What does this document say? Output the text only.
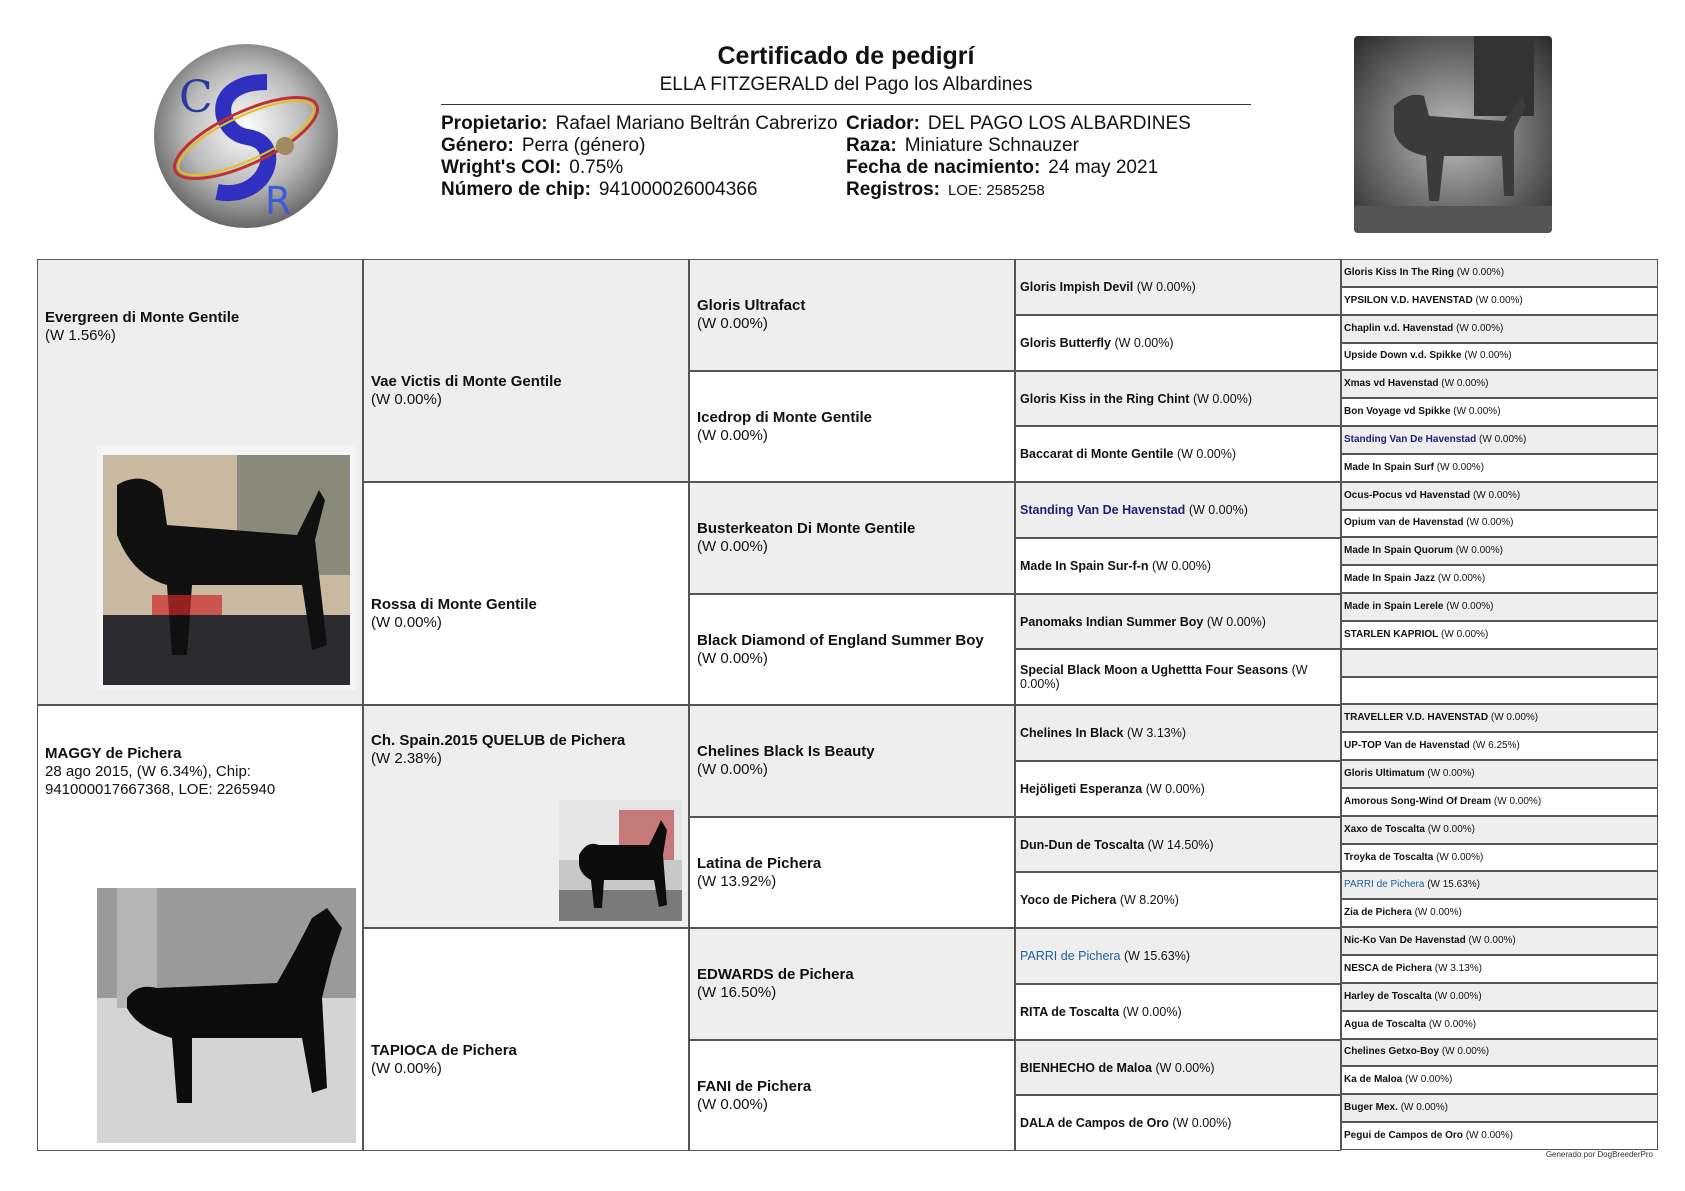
C
R
Certificado de pedigrí
ELLA FITZGERALD del Pago los Albardines
Propietario: Rafael Mariano Beltrán Cabrerizo
Género: Perra (género)
Wright's COI: 0.75%
Número de chip: 941000026004366
Criador: DEL PAGO LOS ALBARDINES
Raza: Miniature Schnauzer
Fecha de nacimiento: 24 may 2021
Registros: LOE: 2585258
Evergreen di Monte Gentile
(W 1.56%)
MAGGY de Pichera
28 ago 2015, (W 6.34%), Chip: 941000017667368, LOE: 2265940
Vae Victis di Monte Gentile
(W 0.00%)
Rossa di Monte Gentile
(W 0.00%)
Ch. Spain.2015 QUELUB de Pichera
(W 2.38%)
TAPIOCA de Pichera
(W 0.00%)
Gloris Ultrafact
(W 0.00%)
Icedrop di Monte Gentile
(W 0.00%)
Busterkeaton Di Monte Gentile
(W 0.00%)
Black Diamond of England Summer Boy
(W 0.00%)
Chelines Black Is Beauty
(W 0.00%)
Latina de Pichera
(W 13.92%)
EDWARDS de Pichera
(W 16.50%)
FANI de Pichera
(W 0.00%)
Gloris Impish Devil (W 0.00%)
Gloris Butterfly (W 0.00%)
Gloris Kiss in the Ring Chint (W 0.00%)
Baccarat di Monte Gentile (W 0.00%)
Standing Van De Havenstad (W 0.00%)
Made In Spain Sur-f-n (W 0.00%)
Panomaks Indian Summer Boy (W 0.00%)
Special Black Moon a Ughettta Four Seasons (W 0.00%)
Chelines In Black (W 3.13%)
Hejöligeti Esperanza (W 0.00%)
Dun-Dun de Toscalta (W 14.50%)
Yoco de Pichera (W 8.20%)
PARRI de Pichera (W 15.63%)
RITA de Toscalta (W 0.00%)
BIENHECHO de Maloa (W 0.00%)
DALA de Campos de Oro (W 0.00%)
Gloris Kiss In The Ring (W 0.00%)
YPSILON V.D. HAVENSTAD (W 0.00%)
Chaplin v.d. Havenstad (W 0.00%)
Upside Down v.d. Spikke (W 0.00%)
Xmas vd Havenstad (W 0.00%)
Bon Voyage vd Spikke (W 0.00%)
Standing Van De Havenstad (W 0.00%)
Made In Spain Surf (W 0.00%)
Ocus-Pocus vd Havenstad (W 0.00%)
Opium van de Havenstad (W 0.00%)
Made In Spain Quorum (W 0.00%)
Made In Spain Jazz (W 0.00%)
Made in Spain Lerele (W 0.00%)
STARLEN KAPRIOL (W 0.00%)
TRAVELLER V.D. HAVENSTAD (W 0.00%)
UP-TOP Van de Havenstad (W 6.25%)
Gloris Ultimatum (W 0.00%)
Amorous Song-Wind Of Dream (W 0.00%)
Xaxo de Toscalta (W 0.00%)
Troyka de Toscalta (W 0.00%)
PARRI de Pichera (W 15.63%)
Zia de Pichera (W 0.00%)
Nic-Ko Van De Havenstad (W 0.00%)
NESCA de Pichera (W 3.13%)
Harley de Toscalta (W 0.00%)
Agua de Toscalta (W 0.00%)
Chelines Getxo-Boy (W 0.00%)
Ka de Maloa (W 0.00%)
Buger Mex. (W 0.00%)
Pegui de Campos de Oro (W 0.00%)
Generado por DogBreederPro
